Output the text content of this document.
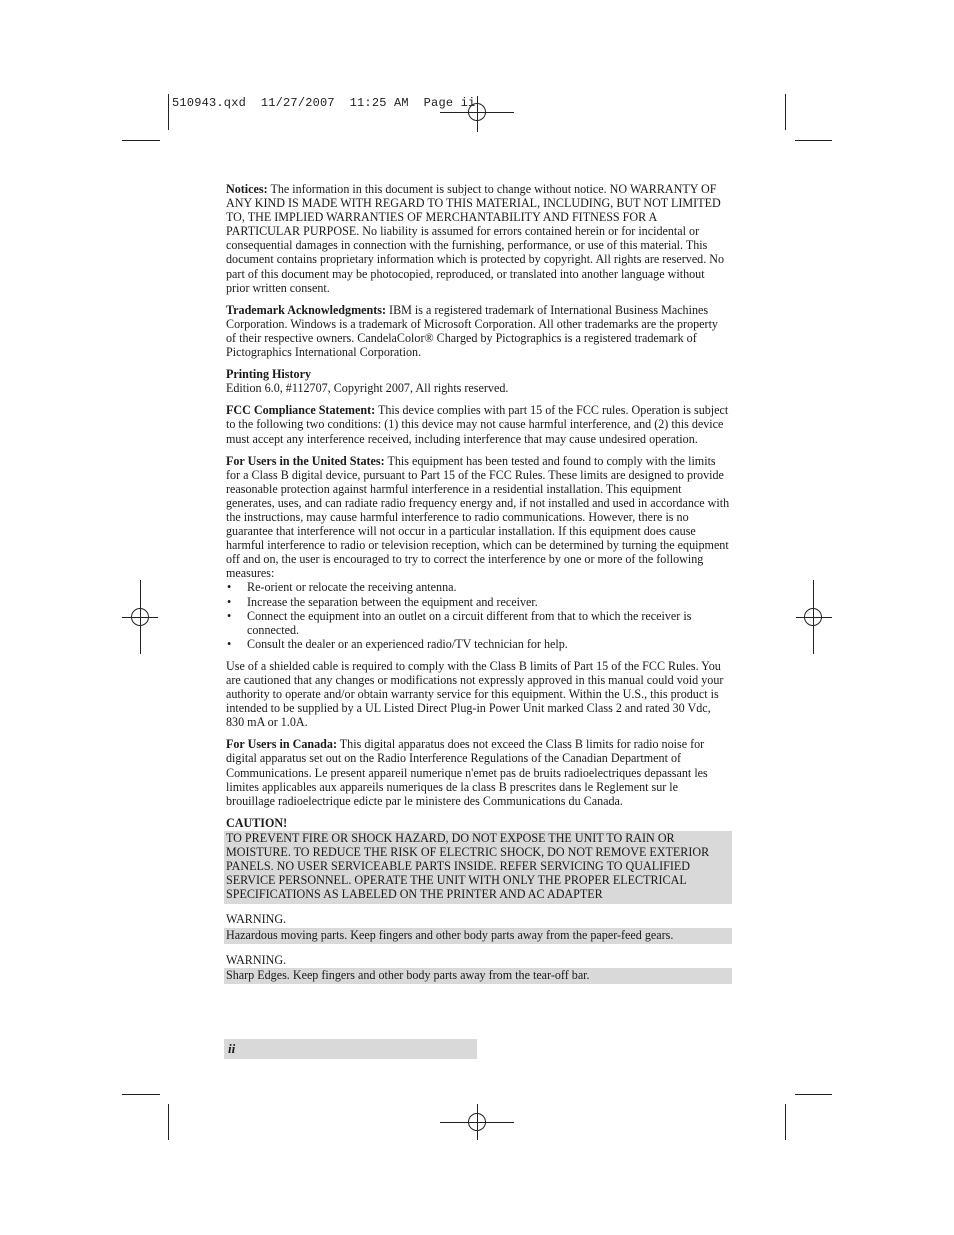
510943.qxd  11/27/2007  11:25 AM  Page ii

Notices: The information in this document is subject to change without notice. NO WARRANTY OF ANY KIND IS MADE WITH REGARD TO THIS MATERIAL, INCLUDING, BUT NOT LIMITED TO, THE IMPLIED WARRANTIES OF MERCHANTABILITY AND FITNESS FOR A PARTICULAR PURPOSE. No liability is assumed for errors contained herein or for incidental or consequential damages in connection with the furnishing, performance, or use of this material. This document contains proprietary information which is protected by copyright. All rights are reserved. No part of this document may be photocopied, reproduced, or translated into another language without prior written consent.

Trademark Acknowledgments: IBM is a registered trademark of International Business Machines Corporation. Windows is a trademark of Microsoft Corporation. All other trademarks are the property of their respective owners. CandelaColor® Charged by Pictographics is a registered trademark of Pictographics International Corporation.

Printing History
Edition 6.0, #112707, Copyright 2007, All rights reserved.

FCC Compliance Statement: This device complies with part 15 of the FCC rules. Operation is subject to the following two conditions: (1) this device may not cause harmful interference, and (2) this device must accept any interference received, including interference that may cause undesired operation.

For Users in the United States: This equipment has been tested and found to comply with the limits for a Class B digital device, pursuant to Part 15 of the FCC Rules. These limits are designed to provide reasonable protection against harmful interference in a residential installation. This equipment generates, uses, and can radiate radio frequency energy and, if not installed and used in accordance with the instructions, may cause harmful interference to radio communications. However, there is no guarantee that interference will not occur in a particular installation. If this equipment does cause harmful interference to radio or television reception, which can be determined by turning the equipment off and on, the user is encouraged to try to correct the interference by one or more of the following measures:

• Re-orient or relocate the receiving antenna.
• Increase the separation between the equipment and receiver.
• Connect the equipment into an outlet on a circuit different from that to which the receiver is connected.
• Consult the dealer or an experienced radio/TV technician for help.

Use of a shielded cable is required to comply with the Class B limits of Part 15 of the FCC Rules. You are cautioned that any changes or modifications not expressly approved in this manual could void your authority to operate and/or obtain warranty service for this equipment. Within the U.S., this product is intended to be supplied by a UL Listed Direct Plug-in Power Unit marked Class 2 and rated 30 Vdc, 830 mA or 1.0A.

For Users in Canada: This digital apparatus does not exceed the Class B limits for radio noise for digital apparatus set out on the Radio Interference Regulations of the Canadian Department of Communications. Le present appareil numerique n'emet pas de bruits radioelectriques depassant les limites applicables aux appareils numeriques de la class B prescrites dans le Reglement sur le brouillage radioelectrique edicte par le ministere des Communications du Canada.

CAUTION!
TO PREVENT FIRE OR SHOCK HAZARD, DO NOT EXPOSE THE UNIT TO RAIN OR MOISTURE. TO REDUCE THE RISK OF ELECTRIC SHOCK, DO NOT REMOVE EXTERIOR PANELS. NO USER SERVICEABLE PARTS INSIDE. REFER SERVICING TO QUALIFIED SERVICE PERSONNEL. OPERATE THE UNIT WITH ONLY THE PROPER ELECTRICAL SPECIFICATIONS AS LABELED ON THE PRINTER AND AC ADAPTER
WARNING.
Hazardous moving parts. Keep fingers and other body parts away from the paper-feed gears.
WARNING.
Sharp Edges. Keep fingers and other body parts away from the tear-off bar.
ii
